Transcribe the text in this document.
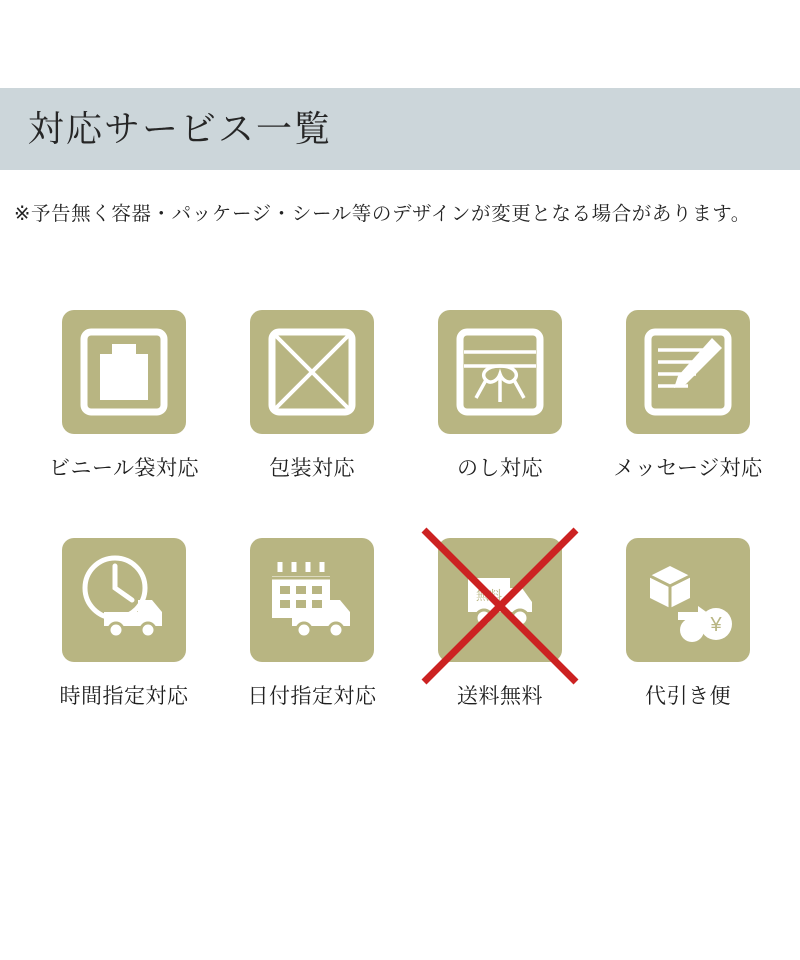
対応サービス一覧
※予告無く容器・パッケージ・シール等のデザインが変更となる場合があります。
ビニール袋対応	包装対応	のし対応	メッセージ対応
時間指定対応	日付指定対応
無料
送料無料
¥
代引き便
